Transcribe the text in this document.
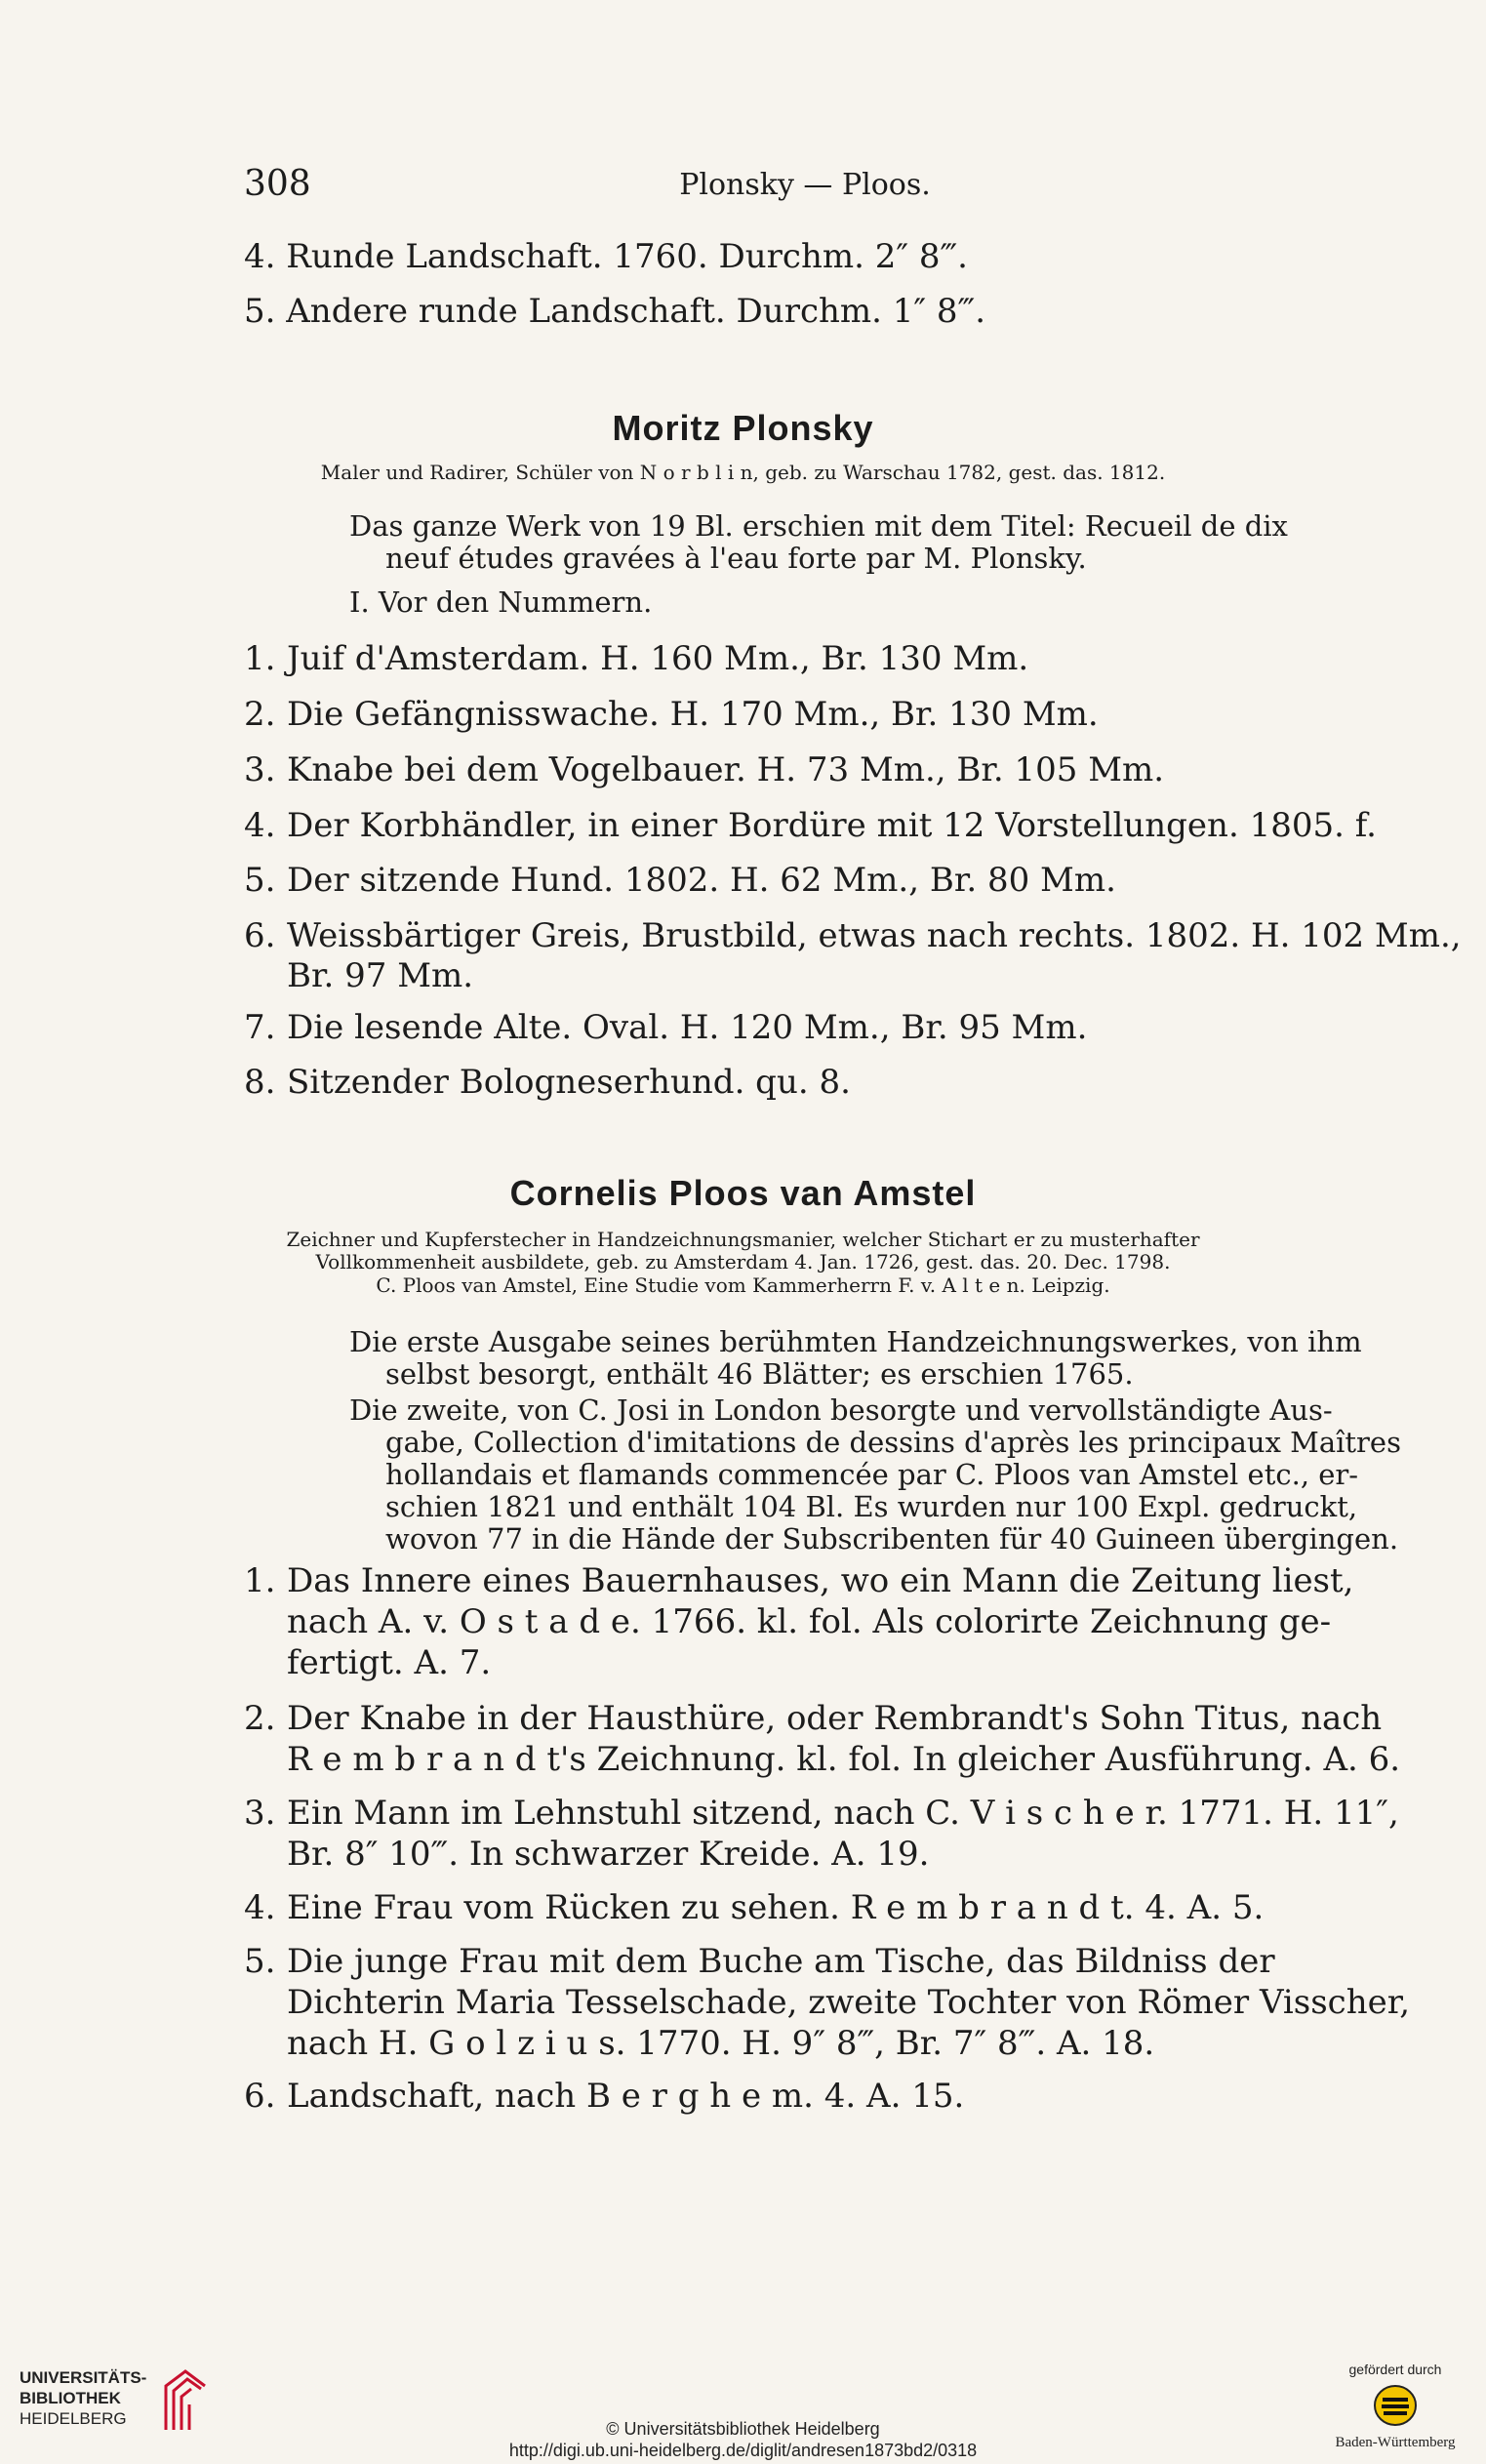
308	Plonsky — Ploos.
4. Runde Landschaft. 1760. Durchm. 2″ 8‴.
5. Andere runde Landschaft. Durchm. 1″ 8‴.
Moritz Plonsky
Maler und Radirer, Schüler von N o r b l i n, geb. zu Warschau 1782, gest. das. 1812.
Das ganze Werk von 19 Bl. erschien mit dem Titel: Recueil de dix
neuf études gravées à l'eau forte par M. Plonsky.
I. Vor den Nummern.
1. Juif d'Amsterdam. H. 160 Mm., Br. 130 Mm.
2. Die Gefängnisswache. H. 170 Mm., Br. 130 Mm.
3. Knabe bei dem Vogelbauer. H. 73 Mm., Br. 105 Mm.
4. Der Korbhändler, in einer Bordüre mit 12 Vorstellungen. 1805. f.
5. Der sitzende Hund. 1802. H. 62 Mm., Br. 80 Mm.
6. Weissbärtiger Greis, Brustbild, etwas nach rechts. 1802. H. 102 Mm.,
Br. 97 Mm.
7. Die lesende Alte. Oval. H. 120 Mm., Br. 95 Mm.
8. Sitzender Bologneserhund. qu. 8.
Cornelis Ploos van Amstel
Zeichner und Kupferstecher in Handzeichnungsmanier, welcher Stichart er zu musterhafter
Vollkommenheit ausbildete, geb. zu Amsterdam 4. Jan. 1726, gest. das. 20. Dec. 1798.
C. Ploos van Amstel, Eine Studie vom Kammerherrn F. v. A l t e n. Leipzig.
Die erste Ausgabe seines berühmten Handzeichnungswerkes, von ihm
selbst besorgt, enthält 46 Blätter; es erschien 1765.
Die zweite, von C. Josi in London besorgte und vervollständigte Aus-
gabe, Collection d'imitations de dessins d'après les principaux Maîtres
hollandais et flamands commencée par C. Ploos van Amstel etc., er-
schien 1821 und enthält 104 Bl. Es wurden nur 100 Expl. gedruckt,
wovon 77 in die Hände der Subscribenten für 40 Guineen übergingen.
1. Das Innere eines Bauernhauses, wo ein Mann die Zeitung liest,
nach A. v. O s t a d e. 1766. kl. fol. Als colorirte Zeichnung ge-
fertigt. A. 7.
2. Der Knabe in der Hausthüre, oder Rembrandt's Sohn Titus, nach
R e m b r a n d t's Zeichnung. kl. fol. In gleicher Ausführung. A. 6.
3. Ein Mann im Lehnstuhl sitzend, nach C. V i s c h e r. 1771. H. 11″,
Br. 8″ 10‴. In schwarzer Kreide. A. 19.
4. Eine Frau vom Rücken zu sehen. R e m b r a n d t. 4. A. 5.
5. Die junge Frau mit dem Buche am Tische, das Bildniss der
Dichterin Maria Tesselschade, zweite Tochter von Römer Visscher,
nach H. G o l z i u s. 1770. H. 9″ 8‴, Br. 7″ 8‴. A. 18.
6. Landschaft, nach B e r g h e m. 4. A. 15.
UNIVERSITÄTS-
BIBLIOTHEK
HEIDELBERG
© Universitätsbibliothek Heidelberg
http://digi.ub.uni-heidelberg.de/diglit/andresen1873bd2/0318
gefördert durch
Baden-Württemberg
